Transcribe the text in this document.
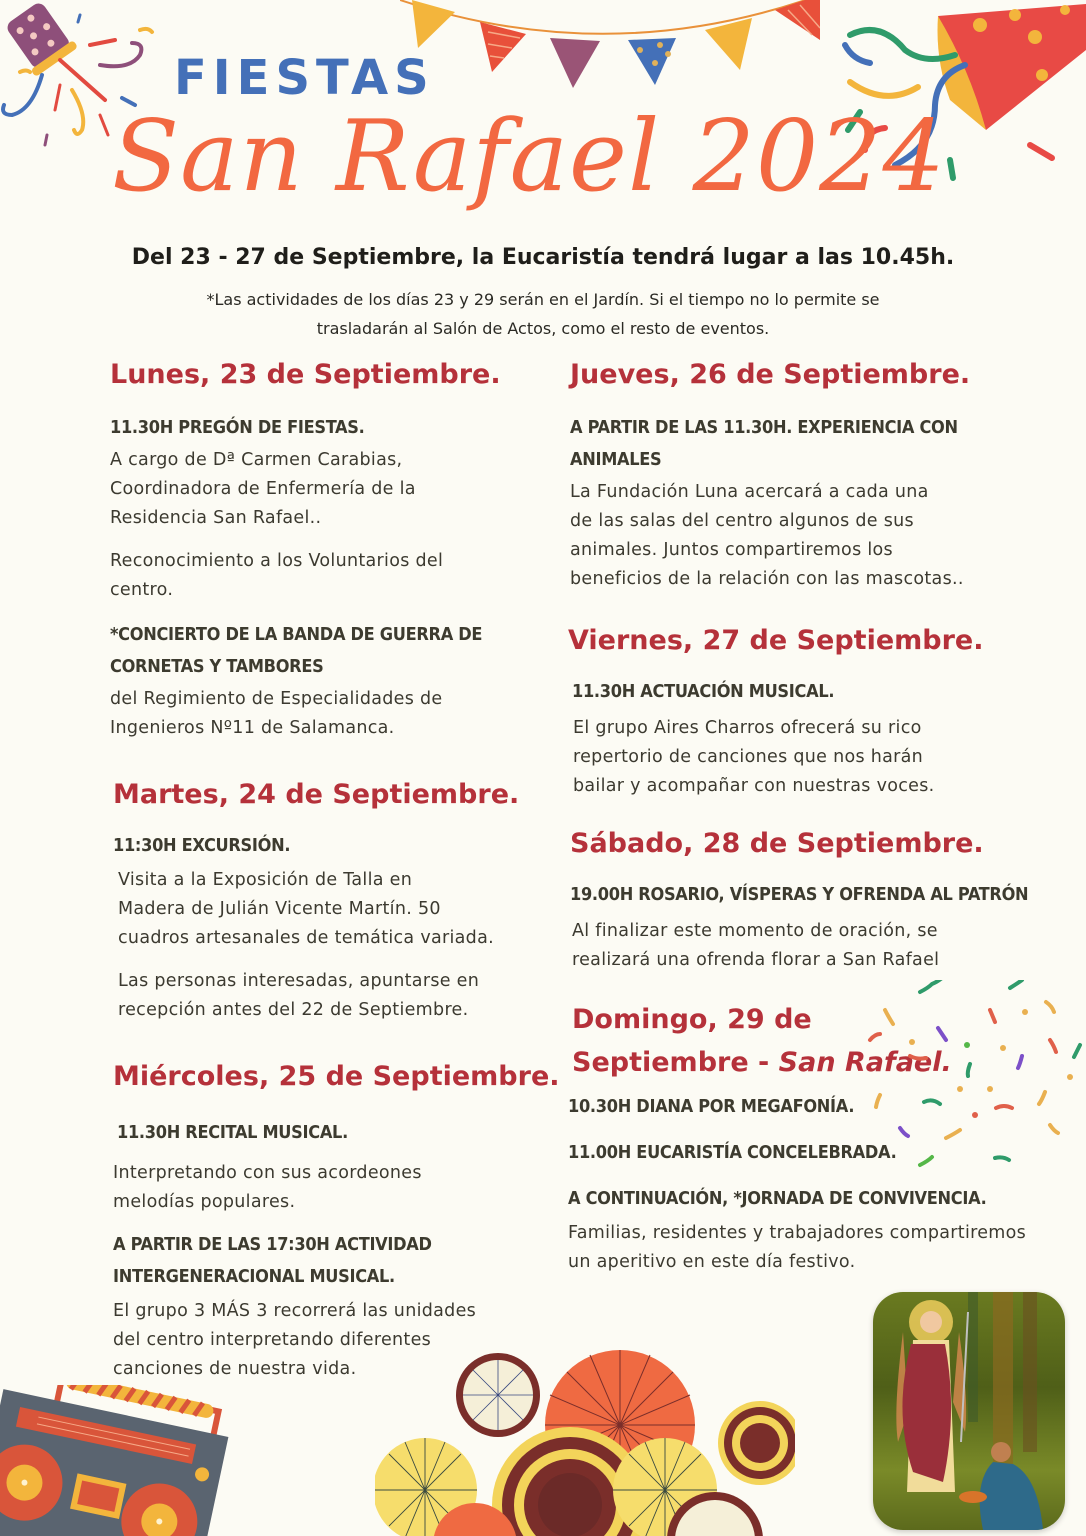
FIESTAS
San Rafael 2024
Del 23 - 27 de Septiembre, la Eucaristía tendrá lugar a las 10.45h.
*Las actividades de los días 23 y 29 serán en el Jardín. Si el tiempo no lo permite se
trasladarán al Salón de Actos, como el resto de eventos.
Lunes, 23 de Septiembre.
11.30H PREGÓN DE FIESTAS.
A cargo de Dª Carmen Carabias,
Coordinadora de Enfermería de la
Residencia San Rafael..
Reconocimiento a los Voluntarios del
centro.
*CONCIERTO DE LA BANDA DE GUERRA DE
CORNETAS Y TAMBORES
del Regimiento de Especialidades de
Ingenieros Nº11 de Salamanca.
Martes, 24 de Septiembre.
11:30H EXCURSIÓN.
Visita a la Exposición de Talla en
Madera de Julián Vicente Martín. 50
cuadros artesanales de temática variada.
Las personas interesadas, apuntarse en
recepción antes del 22 de Septiembre.
Miércoles, 25 de Septiembre.
11.30H RECITAL MUSICAL.
Interpretando con sus acordeones
melodías populares.
A PARTIR DE LAS 17:30H ACTIVIDAD
INTERGENERACIONAL MUSICAL.
El grupo 3 MÁS 3 recorrerá las unidades
del centro interpretando diferentes
canciones de nuestra vida.
Jueves, 26 de Septiembre.
A PARTIR DE LAS 11.30H. EXPERIENCIA CON
ANIMALES
La Fundación Luna acercará a cada una
de las salas del centro algunos de sus
animales. Juntos compartiremos los
beneficios de la relación con las mascotas..
Viernes, 27 de Septiembre.
11.30H ACTUACIÓN MUSICAL.
El grupo Aires Charros ofrecerá su rico
repertorio de canciones que nos harán
bailar y acompañar con nuestras voces.
Sábado, 28 de Septiembre.
19.00H ROSARIO, VÍSPERAS Y OFRENDA AL PATRÓN
Al finalizar este momento de oración, se
realizará una ofrenda florar a San Rafael
Domingo, 29 de
Septiembre - San Rafael.
10.30H DIANA POR MEGAFONÍA.
11.00H EUCARISTÍA CONCELEBRADA.
A CONTINUACIÓN, *JORNADA DE CONVIVENCIA.
Familias, residentes y trabajadores compartiremos
un aperitivo en este día festivo.
